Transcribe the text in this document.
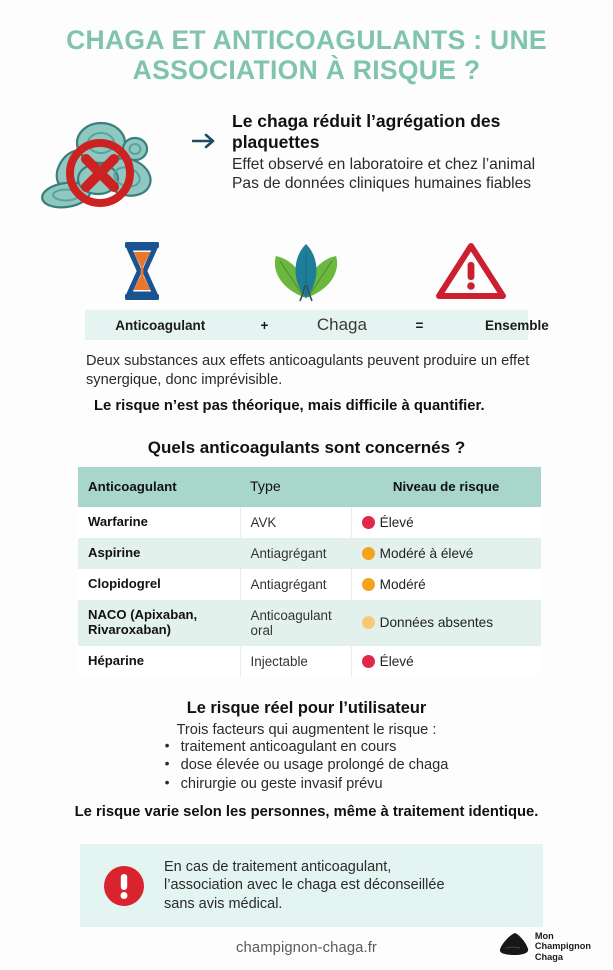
CHAGA ET ANTICOAGULANTS : UNE ASSOCIATION À RISQUE ?

Le chaga réduit l’agrégation des plaquettes

Effet observé en laboratoire et chez l’animal

Pas de données cliniques humaines fiables

Anticoagulant	+	Chaga	=	Ensemble

Deux substances aux effets anticoagulants peuvent produire un effet synergique, donc imprévisible.

Le risque n’est pas théorique, mais difficile à quantifier.

Quels anticoagulants sont concernés ?
Anticoagulant	Type	Niveau de risque
Warfarine	AVK	Élevé
Aspirine	Antiagrégant	Modéré à élevé
Clopidogrel	Antiagrégant	Modéré
NACO (Apixaban, Rivaroxaban)	Anticoagulant oral	Données absentes
Héparine	Injectable	Élevé
Le risque réel pour l’utilisateur
Trois facteurs qui augmentent le risque :
• traitement anticoagulant en cours
• dose élevée ou usage prolongé de chaga
• chirurgie ou geste invasif prévu
Le risque varie selon les personnes, même à traitement identique.
En cas de traitement anticoagulant,
l’association avec le chaga est déconseillée
sans avis médical.
champignon-chaga.fr
Mon
Champignon
Chaga
